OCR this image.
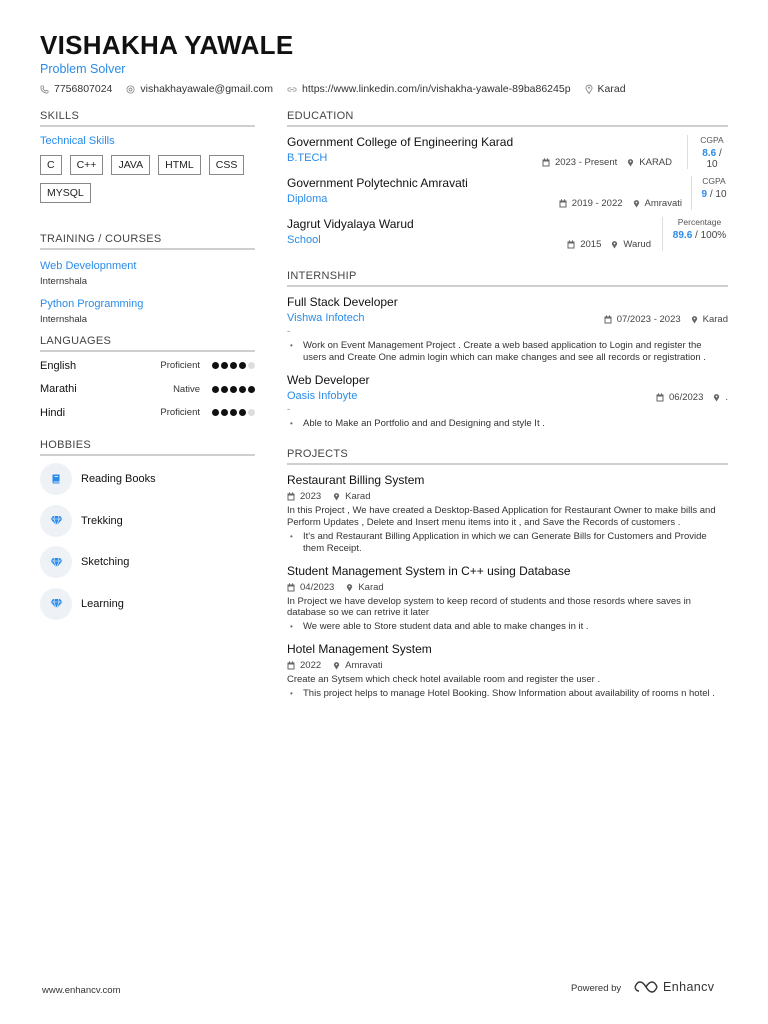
VISHAKHA YAWALE
Problem Solver
7756807024	vishakhayawale@gmail.com	https://www.linkedin.com/in/vishakha-yawale-89ba86245p	Karad
SKILLS
Technical Skills
C	C++	JAVA	HTML	CSS
MYSQL
TRAINING / COURSES
Web Developnment
Internshala
Python Programming
Internshala
LANGUAGES
English	Proficient
Marathi	Native
Hindi	Proficient
HOBBIES
Reading Books
Trekking
Sketching
Learning
EDUCATION
Government College of Engineering Karad
B.TECH	2023 - Present KARAD
CGPA
8.6 / 10
Government Polytechnic Amravati
Diploma	2019 - 2022 Amravati
CGPA
9 / 10
Jagrut Vidyalaya Warud
School	2015 Warud
Percentage
89.6 / 100%
INTERNSHIP
Full Stack Developer
Vishwa Infotech	07/2023 - 2023 Karad
-
• Work on Event Management Project . Create a web based application to Login and register the users and Create One admin login which can make changes and see all records or registration .
Web Developer
Oasis Infobyte	06/2023 .
-
• Able to Make an Portfolio and and Designing and style It .
PROJECTS
Restaurant Billing System
2023	Karad
In this Project , We have created a Desktop-Based Application for Restaurant Owner to make bills and Perform Updates , Delete and Insert menu items into it , and Save the Records of customers .
• It's and Restaurant Billing Application in which we can Generate Bills for Customers and Provide them Receipt.
Student Management System in C++ using Database
04/2023	Karad
In Project we have develop system to keep record of students and those resords where saves in database so we can retrive it later
• We were able to Store student data and able to make changes in it .
Hotel Management System
2022	Amravati
Create an Sytsem which check hotel available room and register the user .
• This project helps to manage Hotel Booking. Show Information about availability of rooms n hotel .
www.enhancv.com	Powered by	Enhancv
